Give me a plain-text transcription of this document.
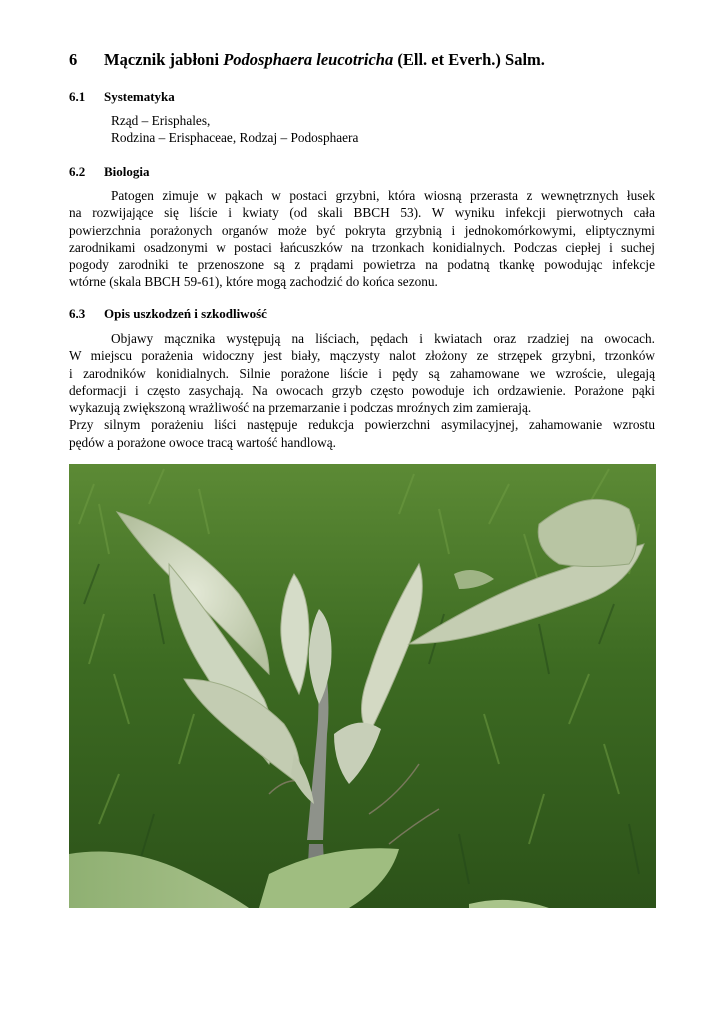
6 Mącznik jabłoni Podosphaera leucotricha (Ell. et Everh.) Salm.
6.1 Systematyka
Rząd – Erisphales,
Rodzina – Erisphaceae, Rodzaj – Podosphaera
6.2 Biologia
Patogen zimuje w pąkach w postaci grzybni, która wiosną przerasta z wewnętrznych łusek
na rozwijające się liście i kwiaty (od skali BBCH 53). W wyniku infekcji pierwotnych cała
powierzchnia porażonych organów może być pokryta grzybnią i jednokomórkowymi, eliptycznymi
zarodnikami osadzonymi w postaci łańcuszków na trzonkach konidialnych. Podczas ciepłej i suchej
pogody zarodniki te przenoszone są z prądami powietrza na podatną tkankę powodując infekcje
wtórne (skala BBCH 59-61), które mogą zachodzić do końca sezonu.
6.3 Opis uszkodzeń i szkodliwość
Objawy mącznika występują na liściach, pędach i kwiatach oraz rzadziej na owocach.
W miejscu porażenia widoczny jest biały, mączysty nalot złożony ze strzępek grzybni, trzonków
i zarodników konidialnych. Silnie porażone liście i pędy są zahamowane we wzroście, ulegają
deformacji i często zasychają. Na owocach grzyb często powoduje ich ordzawienie. Porażone pąki
wykazują zwiększoną wrażliwość na przemarzanie i podczas mroźnych zim zamierają.
Przy silnym porażeniu liści następuje redukcja powierzchni asymilacyjnej, zahamowanie wzrostu
pędów a porażone owoce tracą wartość handlową.
